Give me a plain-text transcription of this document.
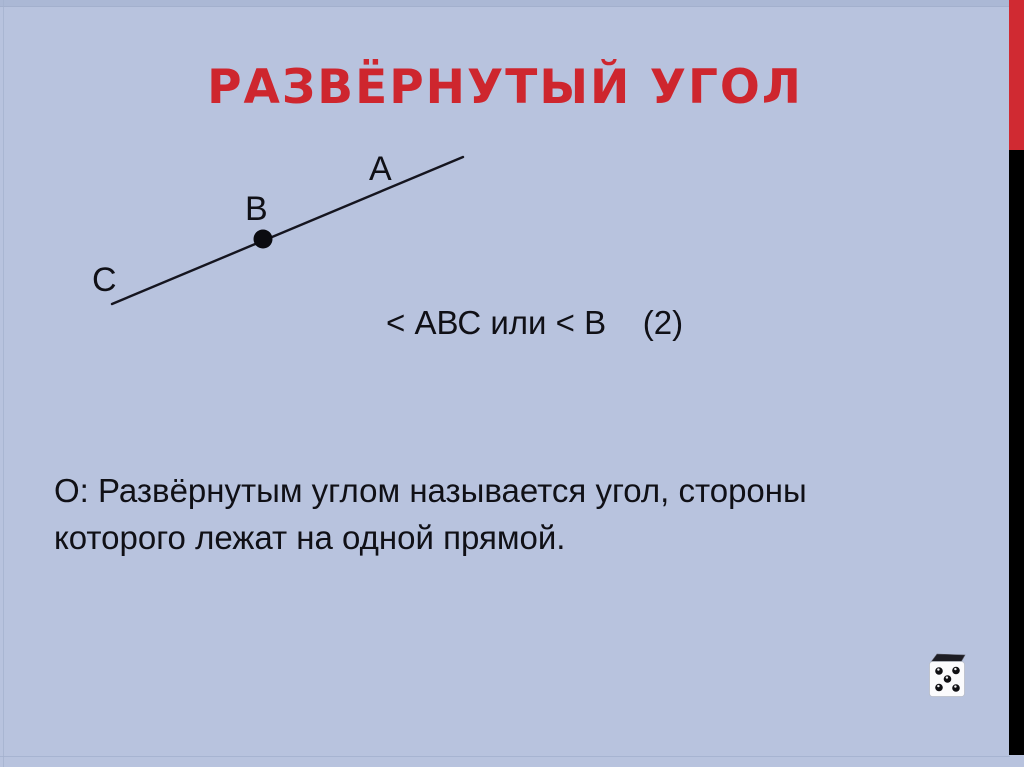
РАЗВЁРНУТЫЙ УГОЛ
А
В
С
< АВС или < В    (2)
О: Развёрнутым углом называется угол, стороны
которого лежат на одной прямой.
